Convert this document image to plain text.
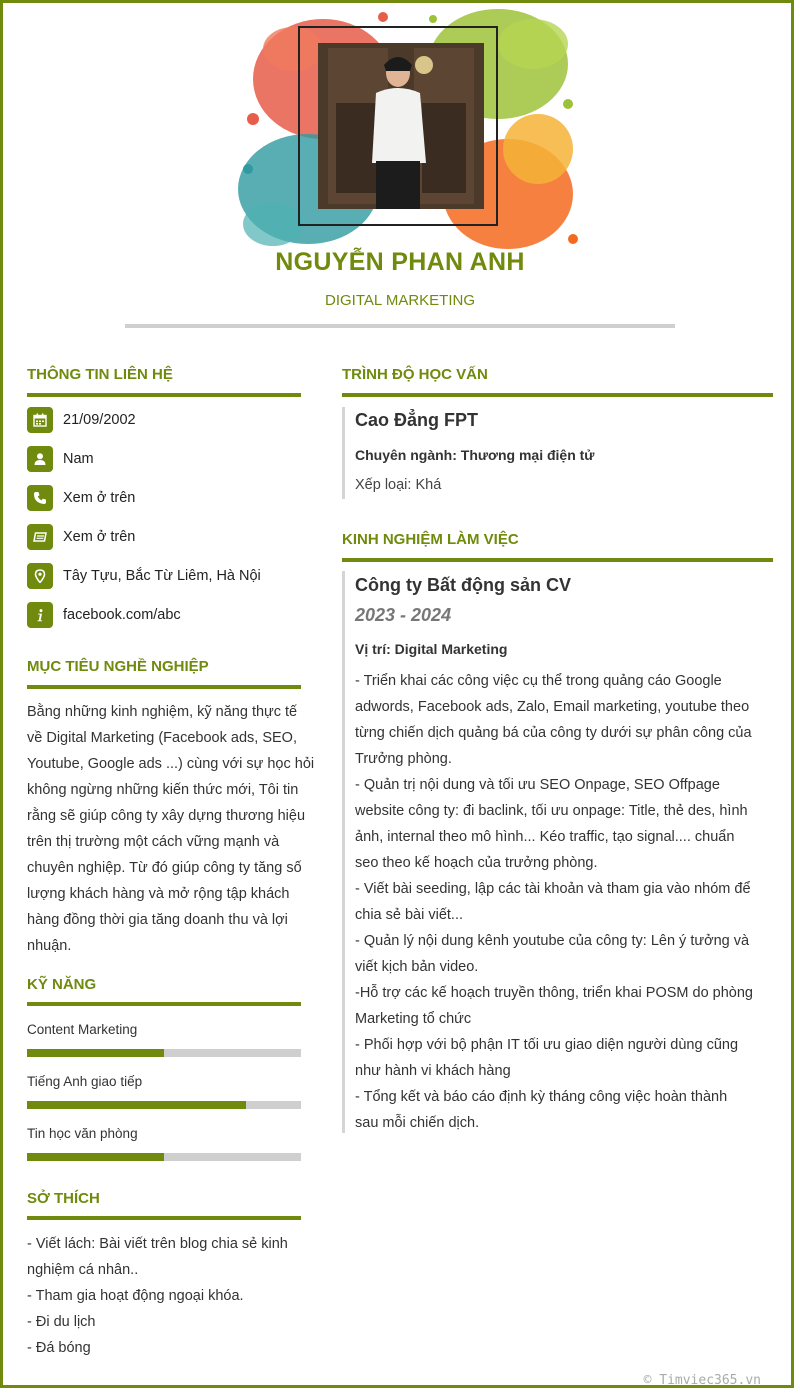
NGUYỄN PHAN ANH
DIGITAL MARKETING
THÔNG TIN LIÊN HỆ
21/09/2002
Nam
Xem ở trên
Xem ở trên
Tây Tựu, Bắc Từ Liêm, Hà Nội
facebook.com/abc
MỤC TIÊU NGHỀ NGHIỆP
Bằng những kinh nghiệm, kỹ năng thực tế
về Digital Marketing (Facebook ads, SEO,
Youtube, Google ads ...) cùng với sự học hỏi
không ngừng những kiến thức mới, Tôi tin
rằng sẽ giúp công ty xây dựng thương hiệu
trên thị trường một cách vững mạnh và
chuyên nghiệp. Từ đó giúp công ty tăng số
lượng khách hàng và mở rộng tập khách
hàng đồng thời gia tăng doanh thu và lợi
nhuận.
KỸ NĂNG
Content Marketing
Tiếng Anh giao tiếp
Tin học văn phòng
SỞ THÍCH
- Viết lách: Bài viết trên blog chia sẻ kinh
nghiệm cá nhân..
- Tham gia hoạt động ngoại khóa.
- Đi du lịch
- Đá bóng
TRÌNH ĐỘ HỌC VẤN
Cao Đẳng FPT
Chuyên ngành: Thương mại điện tử
Xếp loại: Khá
KINH NGHIỆM LÀM VIỆC
Công ty Bất động sản CV
2023 - 2024
Vị trí: Digital Marketing
- Triển khai các công việc cụ thể trong quảng cáo Google
adwords, Facebook ads, Zalo, Email marketing, youtube theo
từng chiến dịch quảng bá của công ty dưới sự phân công của
Trưởng phòng.
- Quản trị nội dung và tối ưu SEO Onpage, SEO Offpage
website công ty: đi baclink, tối ưu onpage: Title, thẻ des, hình
ảnh, internal theo mô hình... Kéo traffic, tạo signal.... chuẩn
seo theo kế hoạch của trưởng phòng.
- Viết bài seeding, lập các tài khoản và tham gia vào nhóm để
chia sẻ bài viết...
- Quản lý nội dung kênh youtube của công ty: Lên ý tưởng và
viết kịch bản video.
-Hỗ trợ các kế hoạch truyền thông, triển khai POSM do phòng
Marketing tổ chức
- Phối hợp với bộ phận IT tối ưu giao diện người dùng cũng
như hành vi khách hàng
- Tổng kết và báo cáo định kỳ tháng công việc hoàn thành
sau mỗi chiến dịch.
© Timviec365.vn
